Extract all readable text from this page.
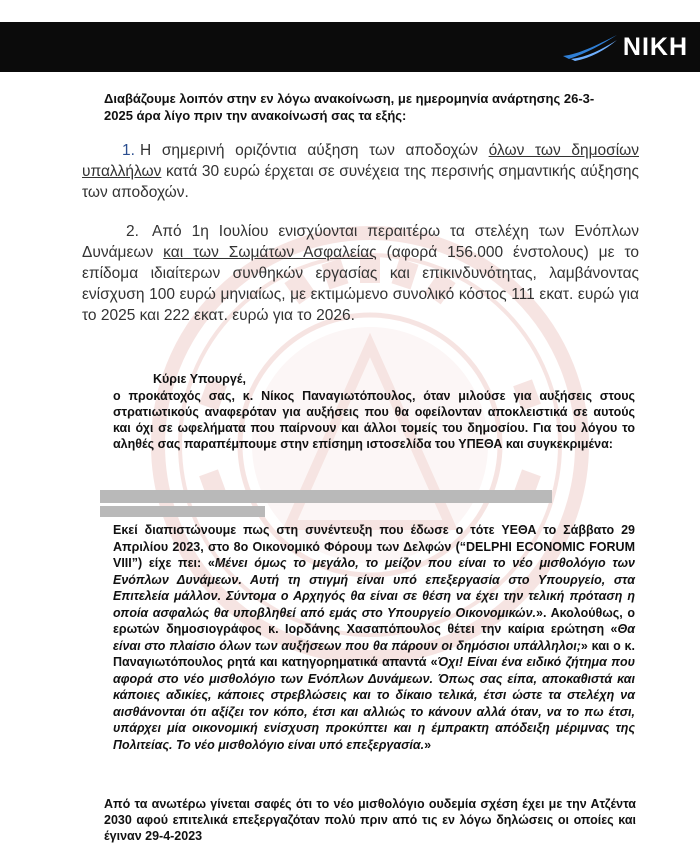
NIKH
Διαβάζουμε λοιπόν στην εν λόγω ανακοίνωση, με ημερομηνία ανάρτησης 26-3-2025 άρα λίγο πριν την ανακοίνωσή σας τα εξής:
1. Η σημερινή οριζόντια αύξηση των αποδοχών όλων των δημοσίων υπαλλήλων κατά 30 ευρώ έρχεται σε συνέχεια της περσινής σημαντικής αύξησης των αποδοχών.
2. Από 1η Ιουλίου ενισχύονται περαιτέρω τα στελέχη των Ενόπλων Δυνάμεων και των Σωμάτων Ασφαλείας (αφορά 156.000 ένστολους) με το επίδομα ιδιαίτερων συνθηκών εργασίας και επικινδυνότητας, λαμβάνοντας ενίσχυση 100 ευρώ μηνιαίως, με εκτιμώμενο συνολικό κόστος 111 εκατ. ευρώ για το 2025 και 222 εκατ. ευρώ για το 2026.
Κύριε Υπουργέ,
ο προκάτοχός σας, κ. Νίκος Παναγιωτόπουλος, όταν μιλούσε για αυξήσεις στους στρατιωτικούς αναφερόταν για αυξήσεις που θα οφείλονταν αποκλειστικά σε αυτούς και όχι σε ωφελήματα που παίρνουν και άλλοι τομείς του δημοσίου. Για του λόγου το αληθές σας παραπέμπουμε στην επίσημη ιστοσελίδα του ΥΠΕΘΑ και συγκεκριμένα:
Εκεί διαπιστώνουμε πως στη συνέντευξη που έδωσε ο τότε ΥΕΘΑ το Σάββατο 29 Απριλίου 2023, στο 8ο Οικονομικό Φόρουμ των Δελφών (“DELPHI ECONOMIC FORUM VIII”) είχε πει: «Μένει όμως το μεγάλο, το μείζον που είναι το νέο μισθολόγιο των Ενόπλων Δυνάμεων. Αυτή τη στιγμή είναι υπό επεξεργασία στο Υπουργείο, στα Επιτελεία μάλλον. Σύντομα ο Αρχηγός θα είναι σε θέση να έχει την τελική πρόταση η οποία ασφαλώς θα υποβληθεί από εμάς στο Υπουργείο Οικονομικών.». Ακολούθως, ο ερωτών δημοσιογράφος κ. Ιορδάνης Χασαπόπουλος θέτει την καίρια ερώτηση «Θα είναι στο πλαίσιο όλων των αυξήσεων που θα πάρουν οι δημόσιοι υπάλληλοι;» και ο κ. Παναγιωτόπουλος ρητά και κατηγορηματικά απαντά «Όχι! Είναι ένα ειδικό ζήτημα που αφορά στο νέο μισθολόγιο των Ενόπλων Δυνάμεων. Όπως σας είπα, αποκαθιστά και κάποιες αδικίες, κάποιες στρεβλώσεις και το δίκαιο τελικά, έτσι ώστε τα στελέχη να αισθάνονται ότι αξίζει τον κόπο, έτσι και αλλιώς το κάνουν αλλά όταν, να το πω έτσι, υπάρχει μία οικονομική ενίσχυση προκύπτει και η έμπρακτη απόδειξη μέριμνας της Πολιτείας. Το νέο μισθολόγιο είναι υπό επεξεργασία.»
Από τα ανωτέρω γίνεται σαφές ότι το νέο μισθολόγιο ουδεμία σχέση έχει με την Ατζέντα 2030 αφού επιτελικά επεξεργαζόταν πολύ πριν από τις εν λόγω δηλώσεις οι οποίες και έγιναν 29-4-2023
